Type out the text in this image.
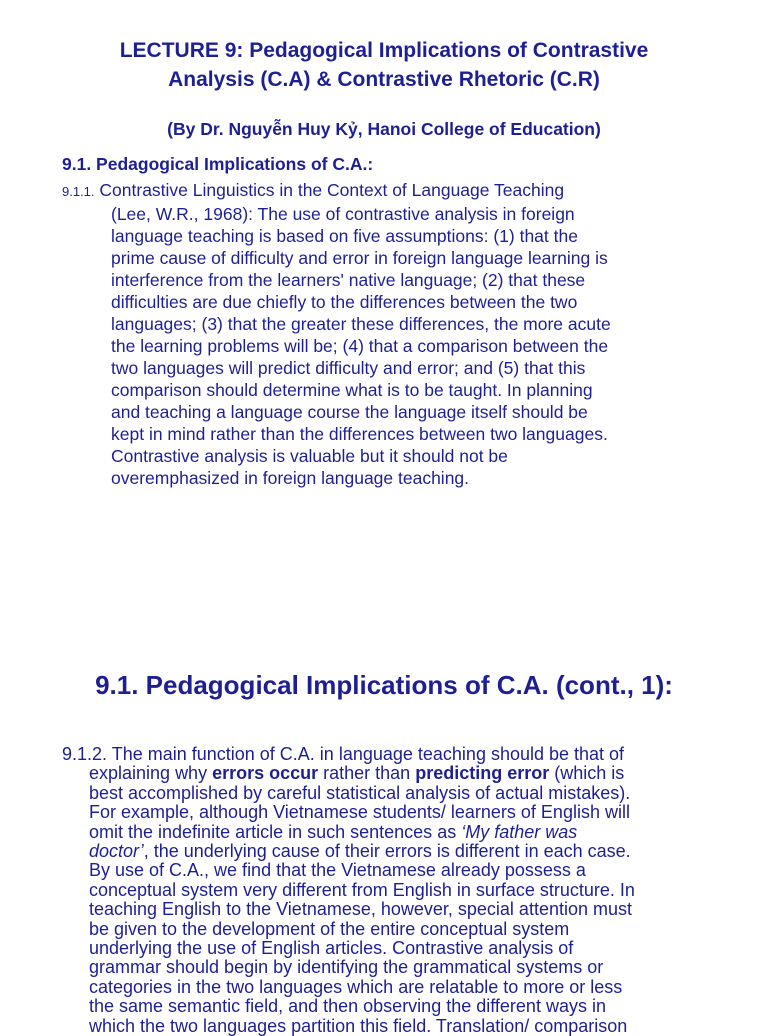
LECTURE 9: Pedagogical Implications of Contrastive
Analysis (C.A) & Contrastive Rhetoric (C.R)
(By Dr. Nguyễn Huy Kỷ, Hanoi College of Education)
9.1. Pedagogical Implications of C.A.:
9.1.1. Contrastive Linguistics in the Context of Language Teaching
(Lee, W.R., 1968): The use of contrastive analysis in foreign
language teaching is based on five assumptions: (1) that the
prime cause of difficulty and error in foreign language learning is
interference from the learners' native language; (2) that these
difficulties are due chiefly to the differences between the two
languages; (3) that the greater these differences, the more acute
the learning problems will be; (4) that a comparison between the
two languages will predict difficulty and error; and (5) that this
comparison should determine what is to be taught. In planning
and teaching a language course the language itself should be
kept in mind rather than the differences between two languages.
Contrastive analysis is valuable but it should not be
overemphasized in foreign language teaching.
9.1. Pedagogical Implications of C.A. (cont., 1):
9.1.2. The main function of C.A. in language teaching should be that of
explaining why errors occur rather than predicting error (which is
best accomplished by careful statistical analysis of actual mistakes).
For example, although Vietnamese students/ learners of English will
omit the indefinite article in such sentences as ‘My father was
doctor’, the underlying cause of their errors is different in each case.
By use of C.A., we find that the Vietnamese already possess a
conceptual system very different from English in surface structure. In
teaching English to the Vietnamese, however, special attention must
be given to the development of the entire conceptual system
underlying the use of English articles. Contrastive analysis of
grammar should begin by identifying the grammatical systems or
categories in the two languages which are relatable to more or less
the same semantic field, and then observing the different ways in
which the two languages partition this field. Translation/ comparison
